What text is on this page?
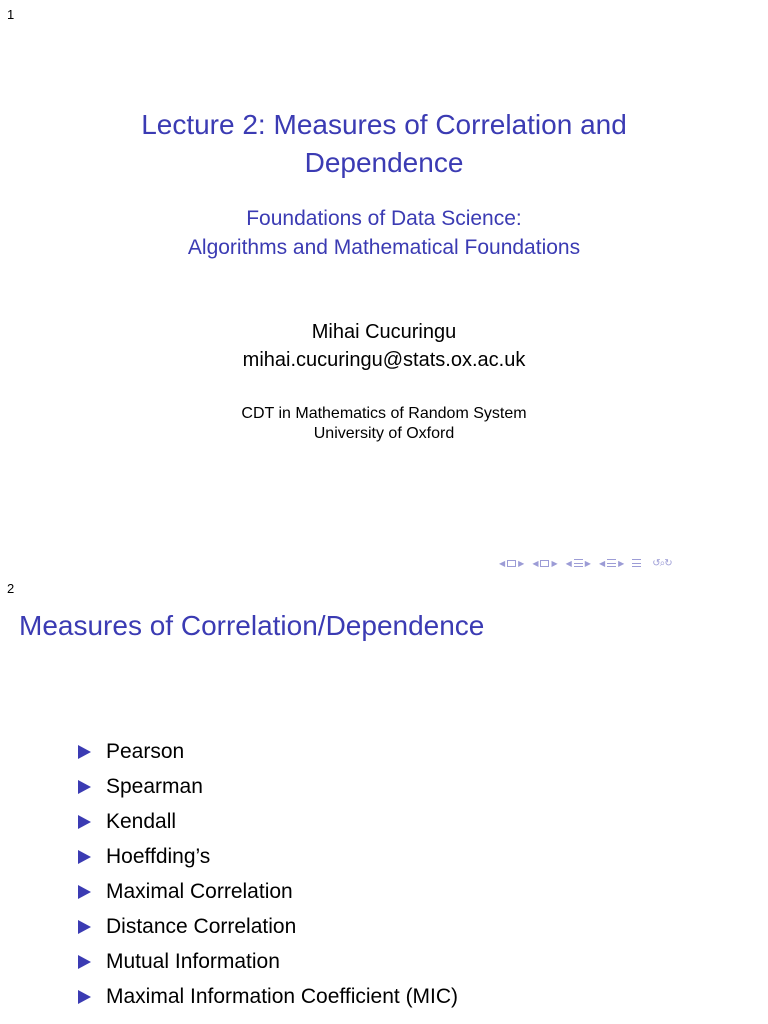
1
Lecture 2: Measures of Correlation and
Dependence
Foundations of Data Science:
Algorithms and Mathematical Foundations
Mihai Cucuringu
mihai.cucuringu@stats.ox.ac.uk
CDT in Mathematics of Random System
University of Oxford
◀ ▶ ◀ ▶ ◀ ▶ ◀ ▶	↺⌕↻
2
Measures of Correlation/Dependence
Pearson
Spearman
Kendall
Hoeffding’s
Maximal Correlation
Distance Correlation
Mutual Information
Maximal Information Coefficient (MIC)
